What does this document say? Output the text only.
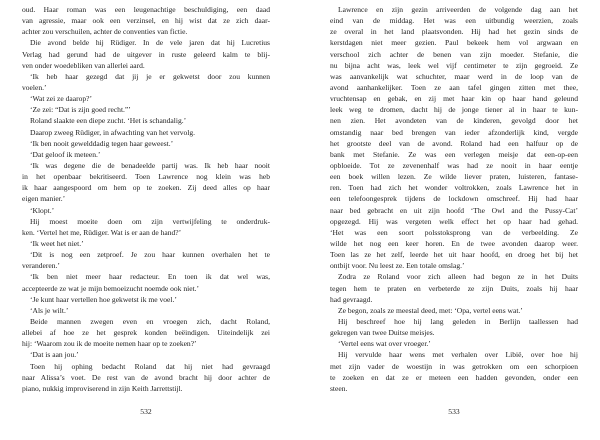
oud. Haar roman was een leugenachtige beschuldiging, een daad
van agressie, maar ook een verzinsel, en hij wist dat ze zich daar-
achter zou verschuilen, achter de conventies van fictie.
Die avond belde hij Rüdiger. In de vele jaren dat hij Lucretius
Verlag had gerund had de uitgever in ruste geleerd kalm te blij-
ven onder woedebliken van allerlei aard.
‘Ik heb haar gezegd dat jij je er gekwetst door zou kunnen
voelen.’
‘Wat zei ze daarop?’
‘Ze zei: “Dat is zijn goed recht.”’
Roland slaakte een diepe zucht. ‘Het is schandalig.’
Daarop zweeg Rüdiger, in afwachting van het vervolg.
‘Ik ben nooit gewelddadig tegen haar geweest.’
‘Dat geloof ik meteen.’
‘Ik was degene die de benadeelde partij was. Ik heb haar nooit
in het openbaar bekritiseerd. Toen Lawrence nog klein was heb
ik haar aangespoord om hem op te zoeken. Zij deed alles op haar
eigen manier.’
‘Klopt.’
Hij moest moeite doen om zijn vertwijfeling te onderdruk-
ken. ‘Vertel het me, Rüdiger. Wat is er aan de hand?’
‘Ik weet het niet.’
‘Dit is nog een zetproef. Je zou haar kunnen overhalen het te
veranderen.’
‘Ik ben niet meer haar redacteur. En toen ik dat wel was,
accepteerde ze wat je mijn bemoeizucht noemde ook niet.’
‘Je kunt haar vertellen hoe gekwetst ik me voel.’
‘Als je wilt.’
Beide mannen zwegen even en vroegen zich, dacht Roland,
allebei af hoe ze het gesprek konden beëindigen. Uiteindelijk zei
hij: ‘Waarom zou ik de moeite nemen haar op te zoeken?’
‘Dat is aan jou.’
Toen hij ophing bedacht Roland dat hij niet had gevraagd
naar Alissa’s voet. De rest van de avond bracht hij door achter de
piano, nukkig improviserend in zijn Keith Jarrettstijl.
Lawrence en zijn gezin arriveerden de volgende dag aan het
eind van de middag. Het was een uitbundig weerzien, zoals
ze overal in het land plaatsvonden. Hij had het gezin sinds de
kerstdagen niet meer gezien. Paul bekeek hem vol argwaan en
verschool zich achter de benen van zijn moeder. Stefanie, die
nu bijna acht was, leek wel vijf centimeter te zijn gegroeid. Ze
was aanvankelijk wat schuchter, maar werd in de loop van de
avond aanhankelijker. Toen ze aan tafel gingen zitten met thee,
vruchtensap en gebak, en zij met haar kin op haar hand geleund
leek weg te dromen, dacht hij de jonge tiener al in haar te kun-
nen zien. Het avondeten van de kinderen, gevolgd door het
omstandig naar bed brengen van ieder afzonderlijk kind, vergde
het grootste deel van de avond. Roland had een halfuur op de
bank met Stefanie. Ze was een verlegen meisje dat een-op-een
opbloeide. Tot ze zevenenhalf was had ze nooit in haar eentje
een boek willen lezen. Ze wilde liever praten, luisteren, fantase-
ren. Toen had zich het wonder voltrokken, zoals Lawrence het in
een telefoongesprek tijdens de lockdown omschreef. Hij had haar
naar bed gebracht en uit zijn hoofd ‘The Owl and the Pussy-Cat’
opgezegd. Hij was vergeten welk effect het op haar had gehad.
‘Het was een soort polsstoksprong van de verbeelding. Ze
wilde het nog een keer horen. En de twee avonden daarop weer.
Toen las ze het zelf, leerde het uit haar hoofd, en droeg het bij het
ontbijt voor. Nu leest ze. Een totale omslag.’
Zodra ze Roland voor zich alleen had begon ze in het Duits
tegen hem te praten en verbeterde ze zijn Duits, zoals hij haar
had gevraagd.
Ze begon, zoals ze meestal deed, met: ‘Opa, vertel eens wat.’
Hij beschreef hoe hij lang geleden in Berlijn taallessen had
gekregen van twee Duitse meisjes.
‘Vertel eens wat over vroeger.’
Hij vervulde haar wens met verhalen over Libië, over hoe hij
met zijn vader de woestijn in was getrokken om een schorpioen
te zoeken en dat ze er meteen een hadden gevonden, onder een
steen.
532	533
